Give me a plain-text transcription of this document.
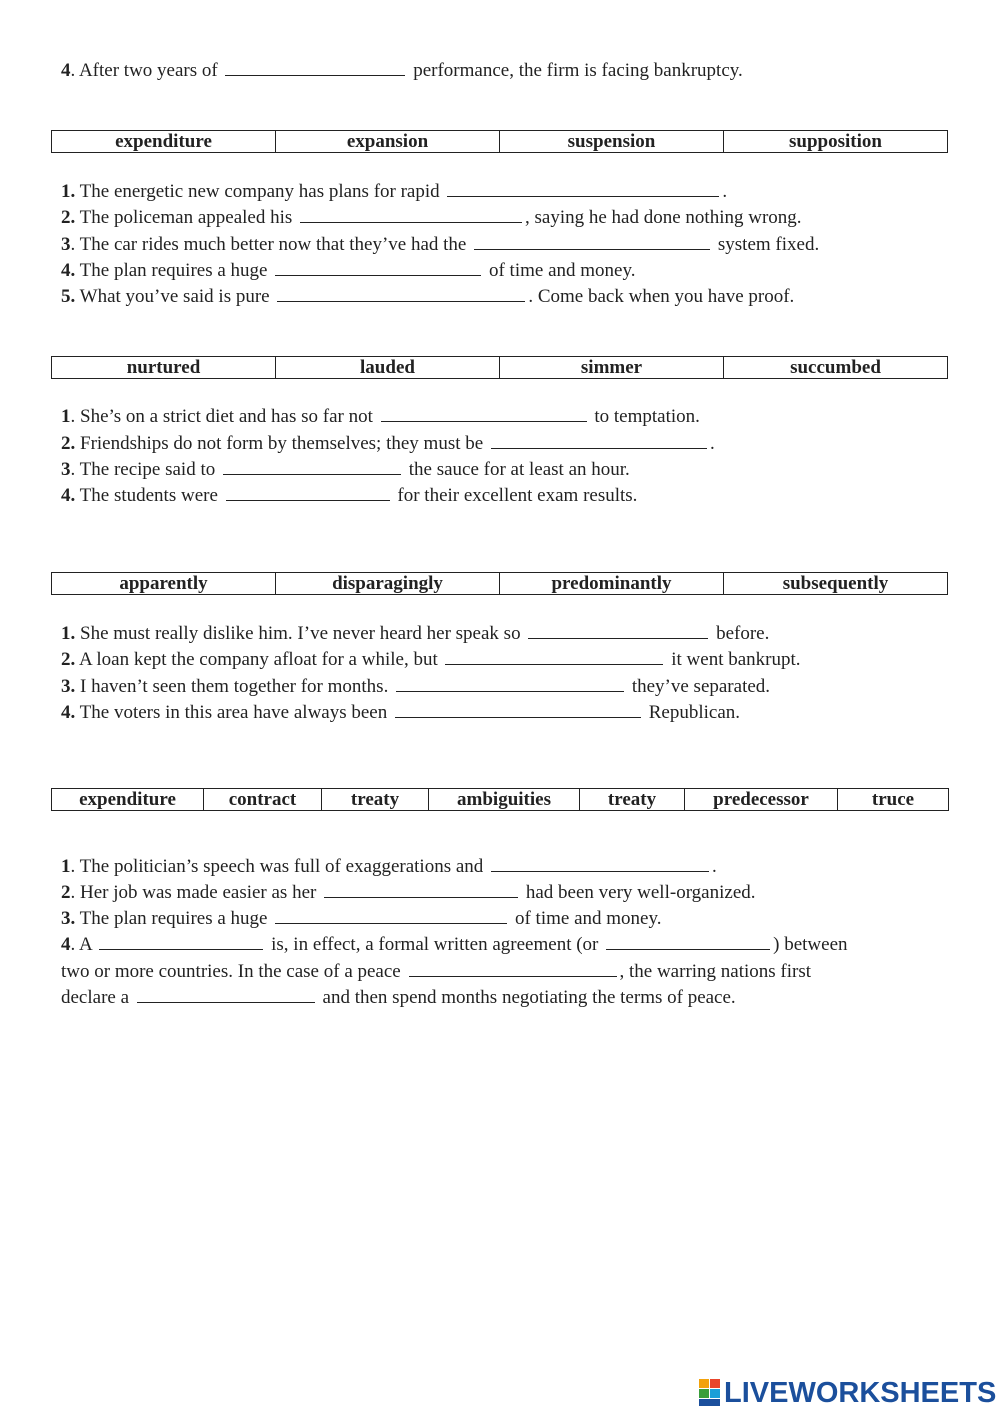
4. After two years of	performance, the firm is facing bankruptcy.
expenditure	expansion	suspension	supposition
1. The energetic new company has plans for rapid	.
2. The policeman appealed his	, saying he had done nothing wrong.
3. The car rides much better now that they’ve had the	system fixed.
4. The plan requires a huge	of time and money.
5. What you’ve said is pure	. Come back when you have proof.
nurtured	lauded	simmer	succumbed
1. She’s on a strict diet and has so far not	to temptation.
2. Friendships do not form by themselves; they must be	.
3. The recipe said to	the sauce for at least an hour.
4. The students were	for their excellent exam results.
apparently	disparagingly	predominantly	subsequently
1. She must really dislike him. I’ve never heard her speak so	before.
2. A loan kept the company afloat for a while, but	it went bankrupt.
3. I haven’t seen them together for months.	they’ve separated.
4. The voters in this area have always been	Republican.
expenditure	contract	treaty	ambiguities	treaty	predecessor	truce
1. The politician’s speech was full of exaggerations and	.
2. Her job was made easier as her	had been very well-organized.
3. The plan requires a huge	of time and money.
4. A	is, in effect, a formal written agreement (or	) between
two or more countries. In the case of a peace	, the warring nations first
declare a	and then spend months negotiating the terms of peace.
LIVEWORKSHEETS
